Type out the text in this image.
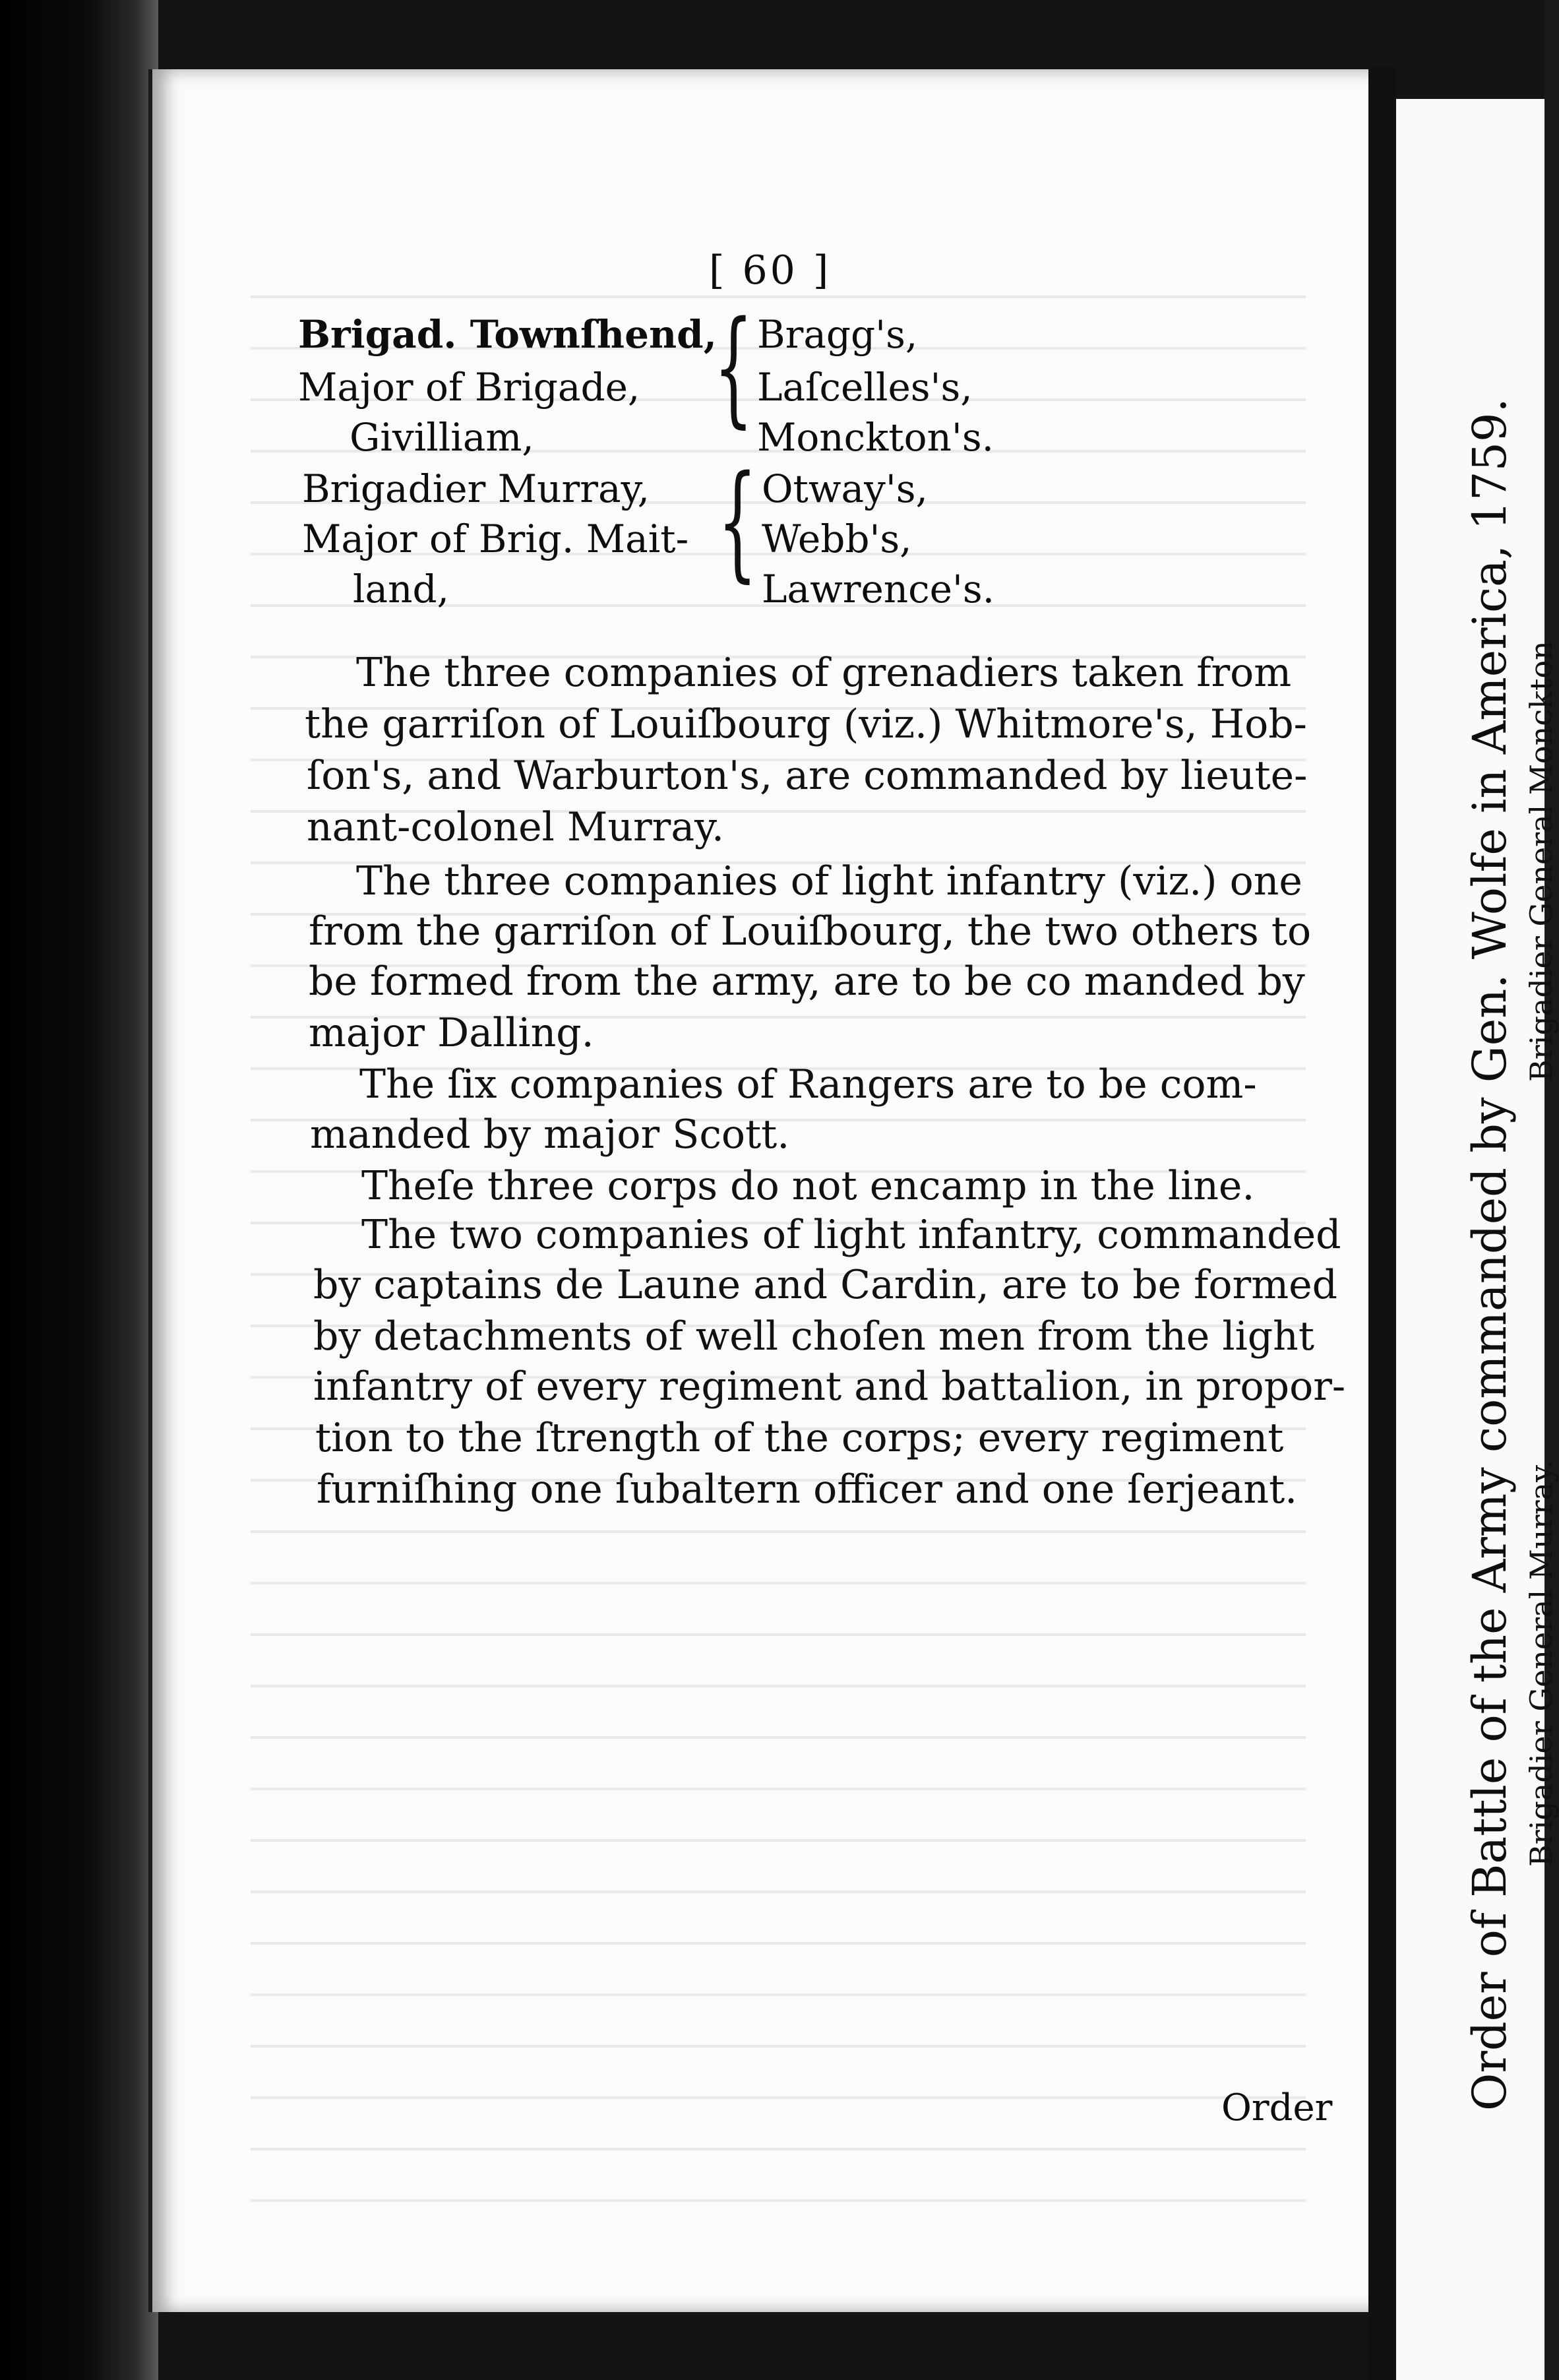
[ 60 ]
Brigad. Townſhend,
Major of Brigade,
Givilliam, { Bragg's,
Laſcelles's,
Monckton's.
Brigadier Murray,
Major of Brig. Mait-
land, { Otway's,
Webb's,
Lawrence's.
The three companies of grenadiers taken from
the garriſon of Louiſbourg (viz.) Whitmore's, Hob-
ſon's, and Warburton's, are commanded by lieute-
nant-colonel Murray.
The three companies of light infantry (viz.) one
from the garriſon of Louiſbourg, the two others to
be formed from the army, are to be co manded by
major Dalling.
The ſix companies of Rangers are to be com-
manded by major Scott.
Theſe three corps do not encamp in the line.
The two companies of light infantry, commanded
by captains de Laune and Cardin, are to be formed
by detachments of well choſen men from the light
infantry of every regiment and battalion, in propor-
tion to the ſtrength of the corps; every regiment
furniſhing one ſubaltern officer and one ſerjeant.
Order	Order of Battle of the Army commanded by Gen. Wolfe in America, 1759. Brigadier General Murray.
Brigadier General Monckton
